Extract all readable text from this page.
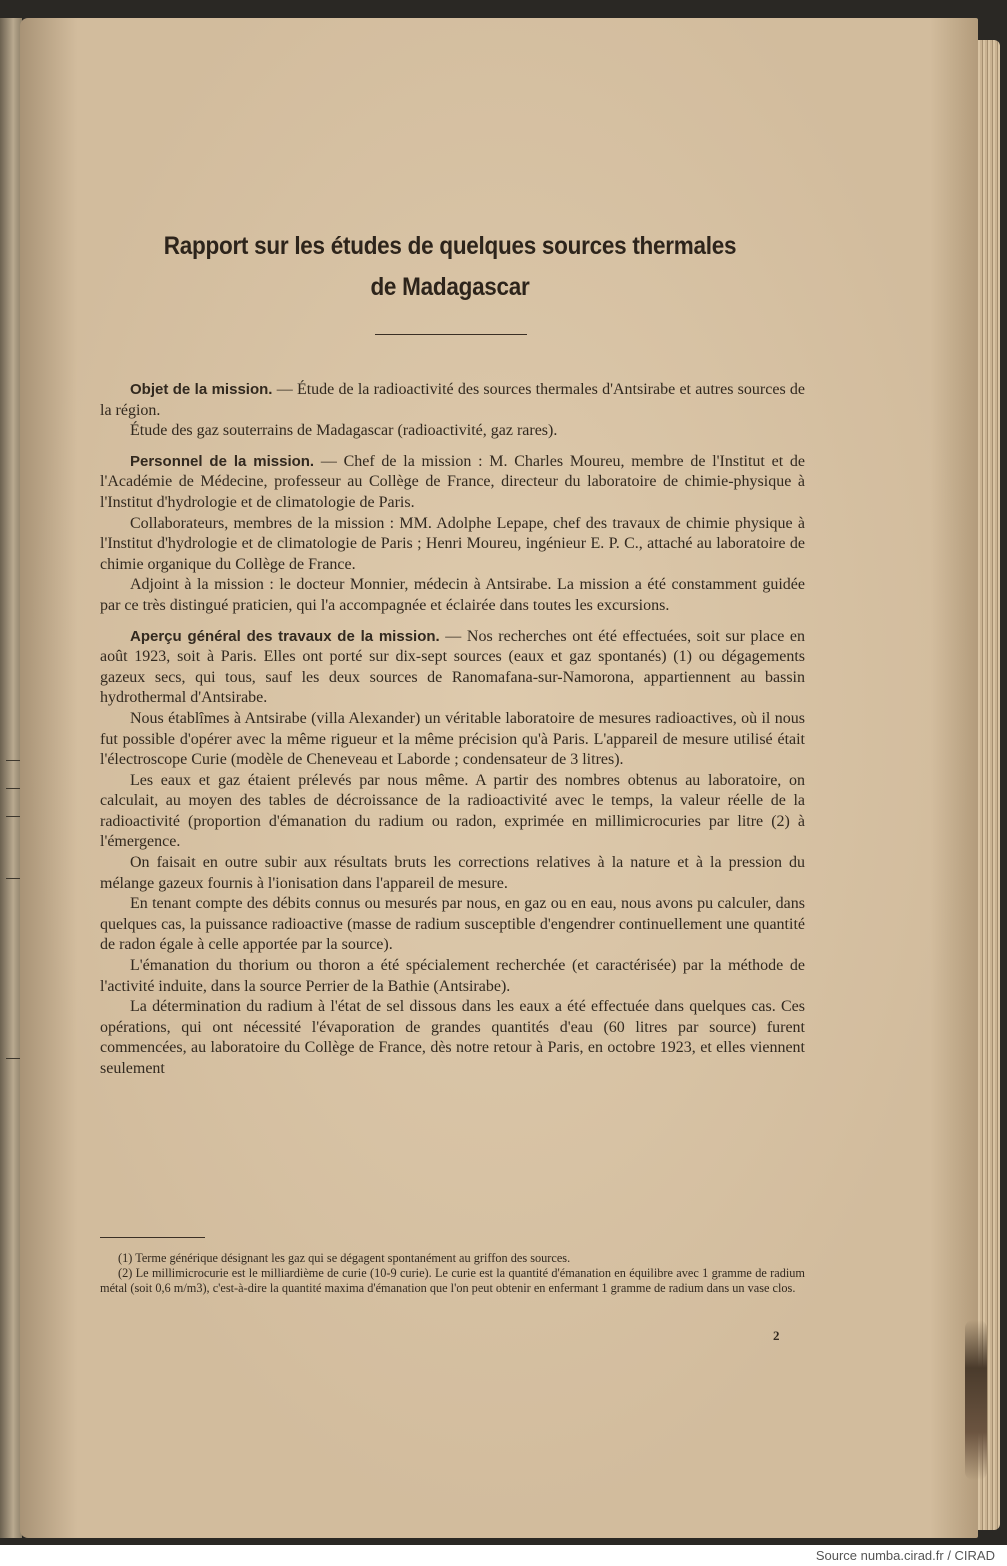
Rapport sur les études de quelques sources thermales
de Madagascar

Objet de la mission. — Étude de la radioactivité des sources thermales d'Antsirabe et autres sources de la région.

Étude des gaz souterrains de Madagascar (radioactivité, gaz rares).

Personnel de la mission. — Chef de la mission : M. Charles Moureu, membre de l'Institut et de l'Académie de Médecine, professeur au Collège de France, directeur du laboratoire de chimie-physique à l'Institut d'hydrologie et de climatologie de Paris.

Collaborateurs, membres de la mission : MM. Adolphe Lepape, chef des travaux de chimie physique à l'Institut d'hydrologie et de climatologie de Paris ; Henri Moureu, ingénieur E. P. C., attaché au laboratoire de chimie organique du Collège de France.

Adjoint à la mission : le docteur Monnier, médecin à Antsirabe. La mission a été constamment guidée par ce très distingué praticien, qui l'a accompagnée et éclairée dans toutes les excursions.

Aperçu général des travaux de la mission. — Nos recherches ont été effectuées, soit sur place en août 1923, soit à Paris. Elles ont porté sur dix-sept sources (eaux et gaz spontanés) (1) ou dégagements gazeux secs, qui tous, sauf les deux sources de Ranomafana-sur-Namorona, appartiennent au bassin hydrothermal d'Antsirabe.

Nous établîmes à Antsirabe (villa Alexander) un véritable laboratoire de mesures radioactives, où il nous fut possible d'opérer avec la même rigueur et la même précision qu'à Paris. L'appareil de mesure utilisé était l'électroscope Curie (modèle de Cheneveau et Laborde ; condensateur de 3 litres).

Les eaux et gaz étaient prélevés par nous même. A partir des nombres obtenus au laboratoire, on calculait, au moyen des tables de décroissance de la radioactivité avec le temps, la valeur réelle de la radioactivité (proportion d'émanation du radium ou radon, exprimée en millimicrocuries par litre (2) à l'émergence.

On faisait en outre subir aux résultats bruts les corrections relatives à la nature et à la pression du mélange gazeux fournis à l'ionisation dans l'appareil de mesure.

En tenant compte des débits connus ou mesurés par nous, en gaz ou en eau, nous avons pu calculer, dans quelques cas, la puissance radioactive (masse de radium susceptible d'engendrer continuellement une quantité de radon égale à celle apportée par la source).

L'émanation du thorium ou thoron a été spécialement recherchée (et caractérisée) par la méthode de l'activité induite, dans la source Perrier de la Bathie (Antsirabe).

La détermination du radium à l'état de sel dissous dans les eaux a été effectuée dans quelques cas. Ces opérations, qui ont nécessité l'évaporation de grandes quantités d'eau (60 litres par source) furent commencées, au laboratoire du Collège de France, dès notre retour à Paris, en octobre 1923, et elles viennent seulement

(1) Terme générique désignant les gaz qui se dégagent spontanément au griffon des sources.

(2) Le millimicrocurie est le milliardième de curie (10-9 curie). Le curie est la quantité d'émanation en équilibre avec 1 gramme de radium métal (soit 0,6 m/m3), c'est-à-dire la quantité maxima d'émanation que l'on peut obtenir en enfermant 1 gramme de radium dans un vase clos.

2
Source numba.cirad.fr / CIRAD
